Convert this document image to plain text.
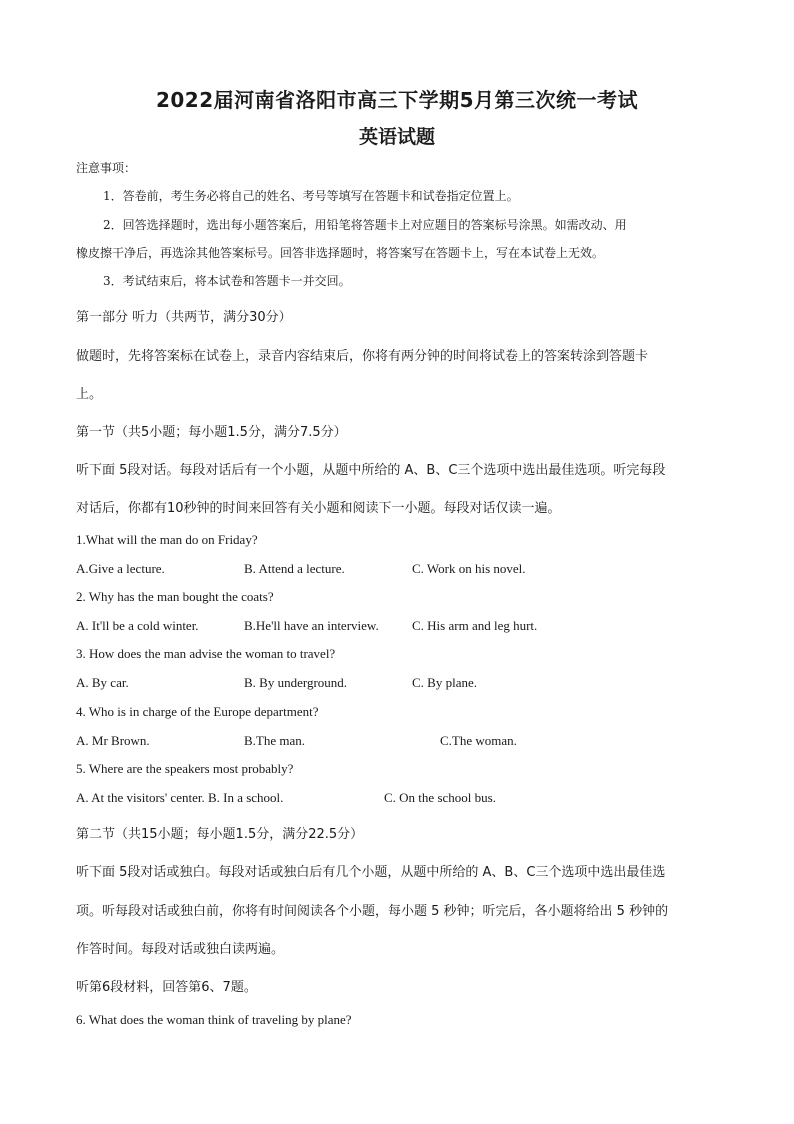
2022届河南省洛阳市高三下学期5月第三次统一考试
英语试题
注意事项：
1．答卷前，考生务必将自己的姓名、考号等填写在答题卡和试卷指定位置上。
2．回答选择题时，选出每小题答案后，用铅笔将答题卡上对应题目的答案标号涂黑。如需改动、用
橡皮擦干净后，再选涂其他答案标号。回答非选择题时，将答案写在答题卡上，写在本试卷上无效。
3．考试结束后，将本试卷和答题卡一并交回。
第一部分 听力（共两节，满分30分）
做题时，先将答案标在试卷上，录音内容结束后，你将有两分钟的时间将试卷上的答案转涂到答题卡
上。
第一节（共5小题；每小题1.5分，满分7.5分）
听下面 5段对话。每段对话后有一个小题，从题中所给的 A、B、C三个选项中选出最佳选项。听完每段
对话后，你都有10秒钟的时间来回答有关小题和阅读下一小题。每段对话仅读一遍。
1.What will the man do on Friday?
A.Give a lecture.	B. Attend a lecture.	C. Work on his novel.
2. Why has the man bought the coats?
A. It'll be a cold winter.	B.He'll have an interview.	C. His arm and leg hurt.
3. How does the man advise the woman to travel?
A. By car.	B. By underground.	C. By plane.
4. Who is in charge of the Europe department?
A. Mr Brown.	B.The man.	C.The woman.
5. Where are the speakers most probably?
A. At the visitors' center. B. In a school.	C. On the school bus.
第二节（共15小题；每小题1.5分，满分22.5分）
听下面 5段对话或独白。每段对话或独白后有几个小题，从题中所给的 A、B、C三个选项中选出最佳选
项。听每段对话或独白前，你将有时间阅读各个小题，每小题 5 秒钟；听完后，各小题将给出 5 秒钟的
作答时间。每段对话或独白读两遍。
听第6段材料，回答第6、7题。
6. What does the woman think of traveling by plane?
